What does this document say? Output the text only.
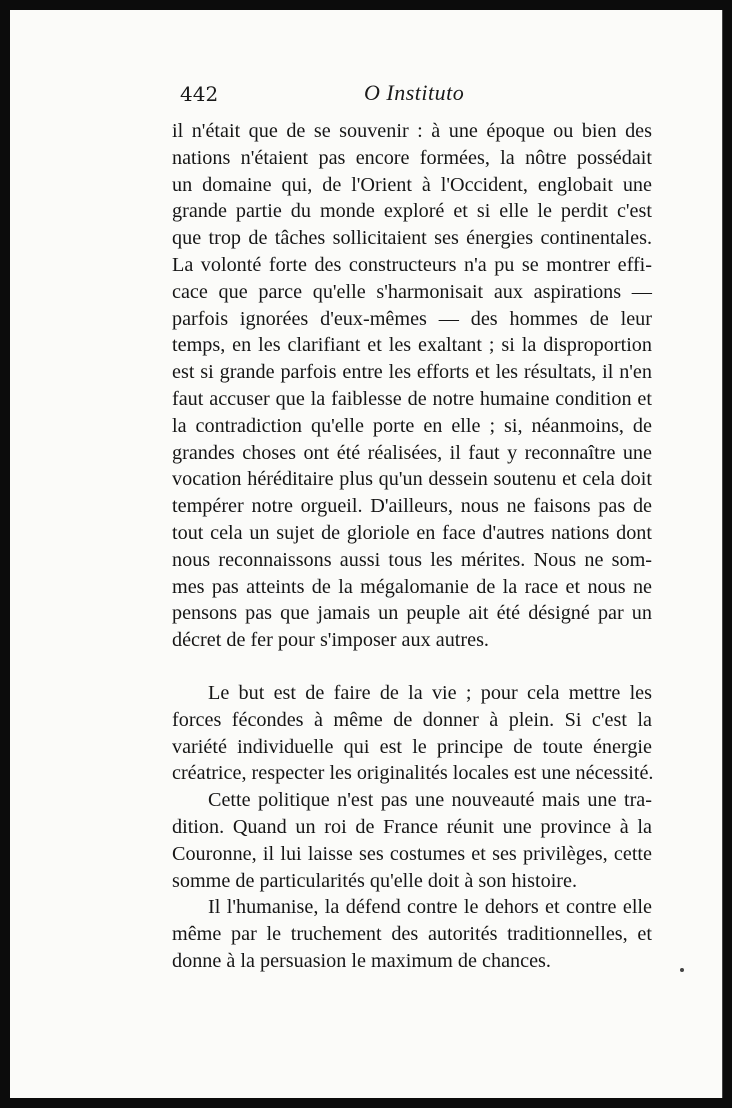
442	O Instituto
il n'était que de se souvenir : à une époque ou bien des
nations n'étaient pas encore formées, la nôtre possédait
un domaine qui, de l'Orient à l'Occident, englobait une
grande partie du monde exploré et si elle le perdit c'est
que trop de tâches sollicitaient ses énergies continentales.
La volonté forte des constructeurs n'a pu se montrer effi-
cace que parce qu'elle s'harmonisait aux aspirations —
parfois ignorées d'eux-mêmes — des hommes de leur
temps, en les clarifiant et les exaltant ; si la disproportion
est si grande parfois entre les efforts et les résultats, il n'en
faut accuser que la faiblesse de notre humaine condition et
la contradiction qu'elle porte en elle ; si, néanmoins, de
grandes choses ont été réalisées, il faut y reconnaître une
vocation héréditaire plus qu'un dessein soutenu et cela doit
tempérer notre orgueil. D'ailleurs, nous ne faisons pas de
tout cela un sujet de gloriole en face d'autres nations dont
nous reconnaissons aussi tous les mérites. Nous ne som-
mes pas atteints de la mégalomanie de la race et nous ne
pensons pas que jamais un peuple ait été désigné par un
décret de fer pour s'imposer aux autres.
Le but est de faire de la vie ; pour cela mettre les
forces fécondes à même de donner à plein. Si c'est la
variété individuelle qui est le principe de toute énergie
créatrice, respecter les originalités locales est une nécessité.
Cette politique n'est pas une nouveauté mais une tra-
dition. Quand un roi de France réunit une province à la
Couronne, il lui laisse ses costumes et ses privilèges, cette
somme de particularités qu'elle doit à son histoire.
Il l'humanise, la défend contre le dehors et contre elle
même par le truchement des autorités traditionnelles, et
donne à la persuasion le maximum de chances.
